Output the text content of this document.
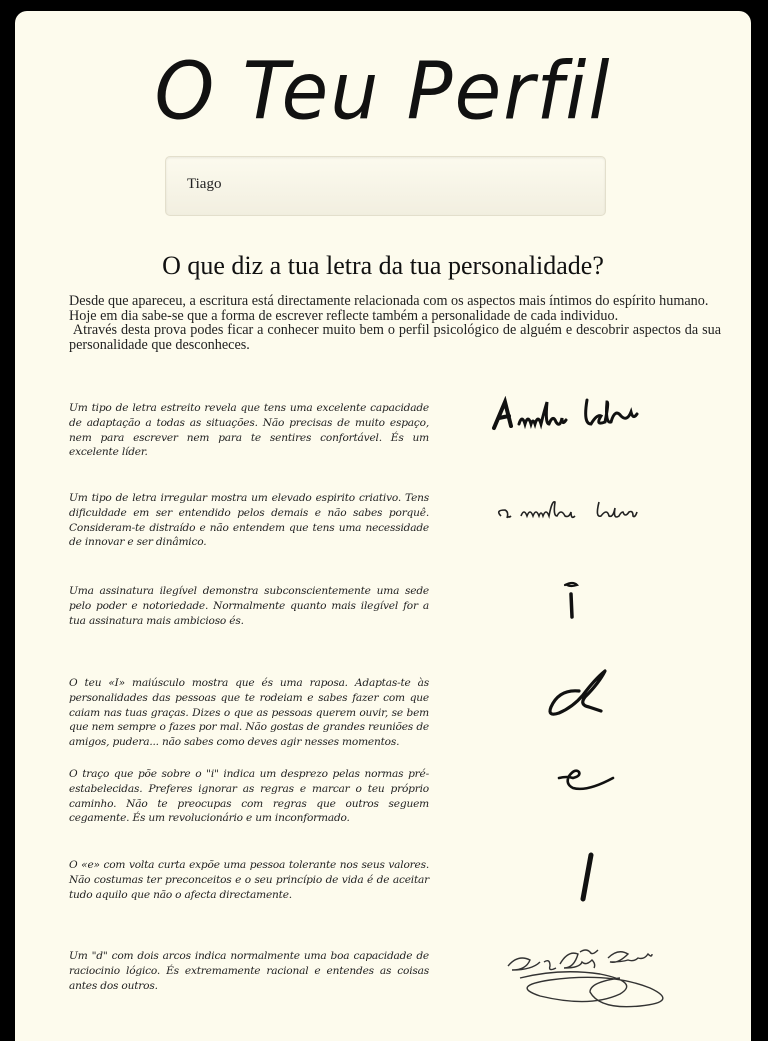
O Teu Perfil
Tiago
O que diz a tua letra da tua personalidade?

Desde que apareceu, a escritura está directamente relacionada com os aspectos mais íntimos do espírito humano.

Hoje em dia sabe-se que a forma de escrever reflecte também a personalidade de cada individuo.

Através desta prova podes ficar a conhecer muito bem o perfil psicológico de alguém e descobrir aspectos da sua personalidade que desconheces.

Um tipo de letra estreito revela que tens uma excelente capacidade de adaptação a todas as situações. Não precisas de muito espaço, nem para escrever nem para te sentires confortável. És um excelente líder.
Um tipo de letra irregular mostra um elevado espirito criativo. Tens dificuldade em ser entendido pelos demais e não sabes porquê. Consideram-te distraído e não entendem que tens uma necessidade de innovar e ser dinâmico.
Uma assinatura ilegível demonstra subconscientemente uma sede pelo poder e notoriedade. Normalmente quanto mais ilegível for a tua assinatura mais ambicioso és.
O teu «I» maiúsculo mostra que és uma raposa. Adaptas-te às personalidades das pessoas que te rodeiam e sabes fazer com que caiam nas tuas graças. Dizes o que as pessoas querem ouvir, se bem que nem sempre o fazes por mal. Não gostas de grandes reuniões de amigos, pudera... não sabes como deves agir nesses momentos.
O traço que põe sobre o "i" indica um desprezo pelas normas pré-estabelecidas. Preferes ignorar as regras e marcar o teu próprio caminho. Não te preocupas com regras que outros seguem cegamente. És um revolucionário e um inconformado.
O «e» com volta curta expõe uma pessoa tolerante nos seus valores. Não costumas ter preconceitos e o seu princípio de vida é de aceitar tudo aquilo que não o afecta directamente.
Um "d" com dois arcos indica normalmente uma boa capacidade de raciocinio lógico. És extremamente racional e entendes as coisas antes dos outros.
